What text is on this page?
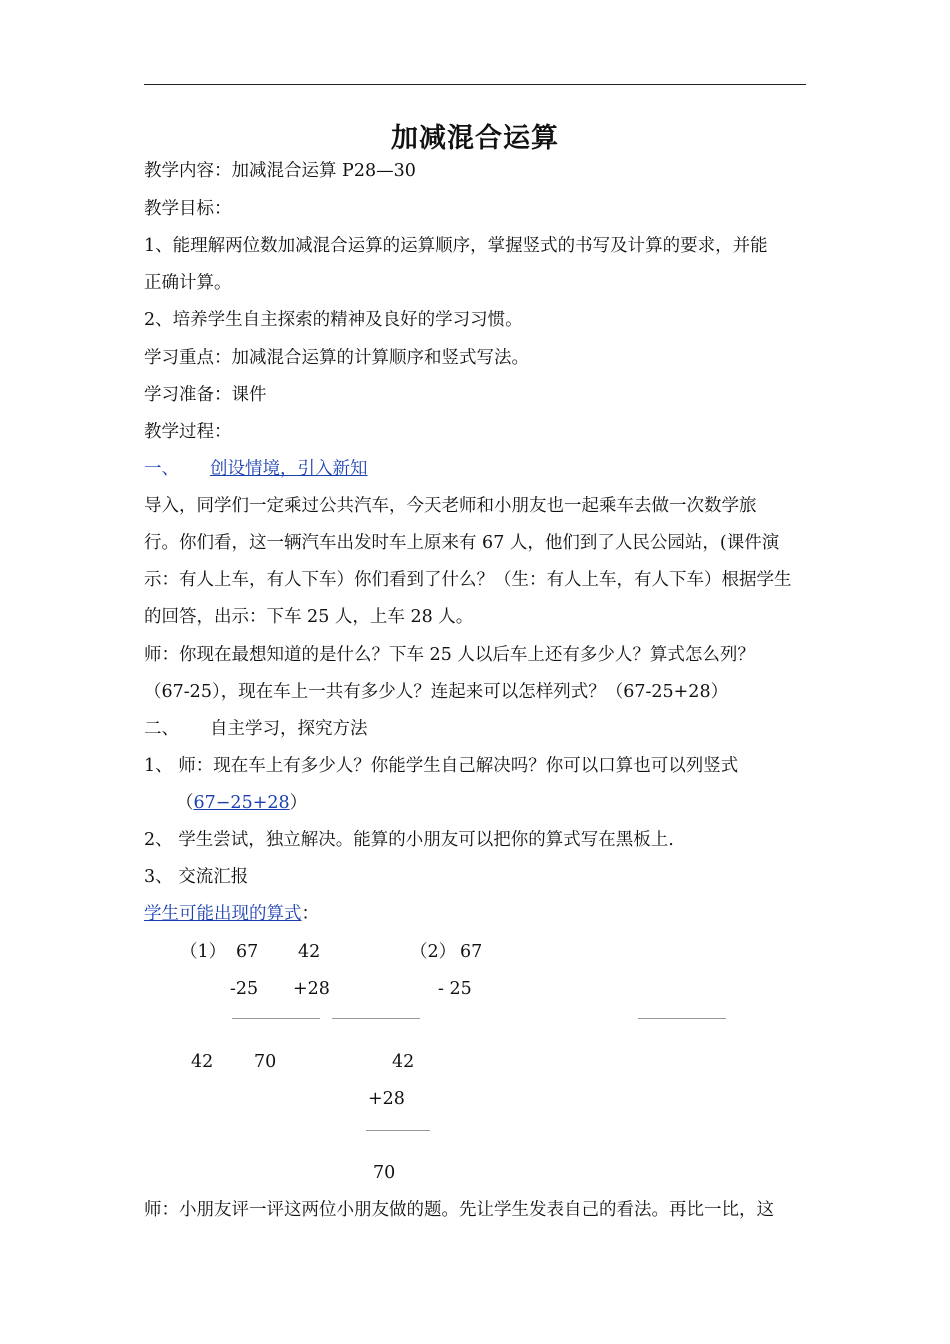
加减混合运算
教学内容：加减混合运算 P28—30
教学目标：
1、能理解两位数加减混合运算的运算顺序，掌握竖式的书写及计算的要求，并能
正确计算。
2、培养学生自主探索的精神及良好的学习习惯。
学习重点：加减混合运算的计算顺序和竖式写法。
学习准备：课件
教学过程：
一、 创设情境，引入新知
导入，同学们一定乘过公共汽车，今天老师和小朋友也一起乘车去做一次数学旅
行。你们看，这一辆汽车出发时车上原来有 67 人，他们到了人民公园站，(课件演
示：有人上车，有人下车）你们看到了什么？（生：有人上车，有人下车）根据学生
的回答，出示：下车 25 人，上车 28 人。
师：你现在最想知道的是什么？下车 25 人以后车上还有多少人？算式怎么列？
（67-25），现在车上一共有多少人？连起来可以怎样列式？（67-25+28）
二、 自主学习，探究方法
1、 师：现在车上有多少人？你能学生自己解决吗？你可以口算也可以列竖式
（67−25+28）
2、 学生尝试，独立解决。能算的小朋友可以把你的算式写在黑板上.
3、 交流汇报
学生可能出现的算式：
（1） 67 42	（2） 67
-25 +28	- 25
42 70	42
+28
70
师：小朋友评一评这两位小朋友做的题。先让学生发表自己的看法。再比一比，这
